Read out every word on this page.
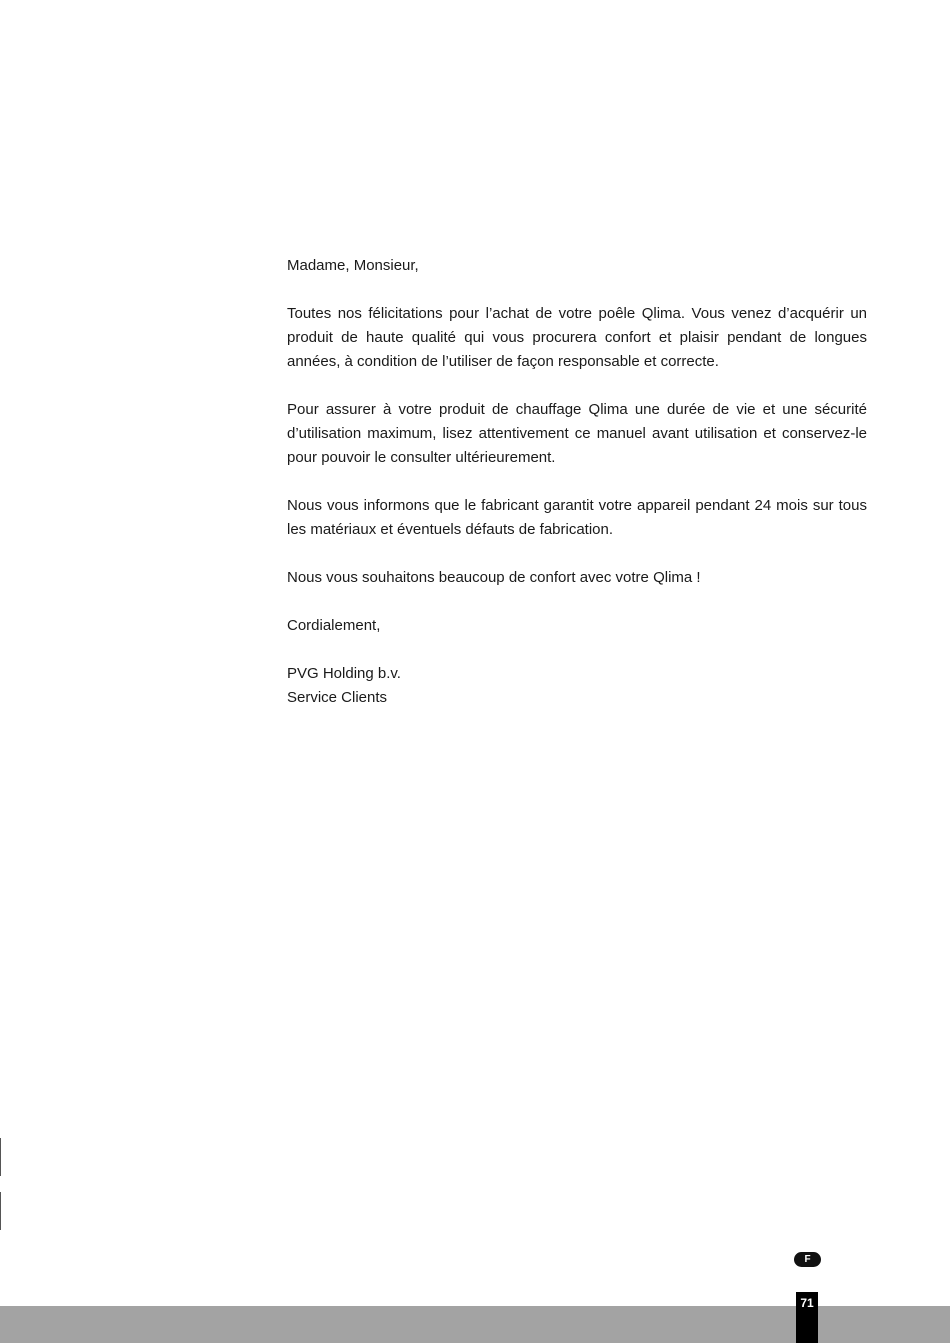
Madame, Monsieur,

Toutes nos félicitations pour l’achat de votre poêle Qlima. Vous venez d’acquérir un produit de haute qualité qui vous procurera confort et plaisir pendant de longues années, à condition de l’utiliser de façon responsable et correcte.

Pour assurer à votre produit de chauffage Qlima une durée de vie et une sécurité d’utilisation maximum, lisez attentivement ce manuel avant utilisation et conservez-le pour pouvoir le consulter ultérieurement.

Nous vous informons que le fabricant garantit votre appareil pendant 24 mois sur tous les matériaux et éventuels défauts de fabrication.

Nous vous souhaitons beaucoup de confort avec votre Qlima !

Cordialement,

PVG Holding b.v.
Service Clients

F
71
